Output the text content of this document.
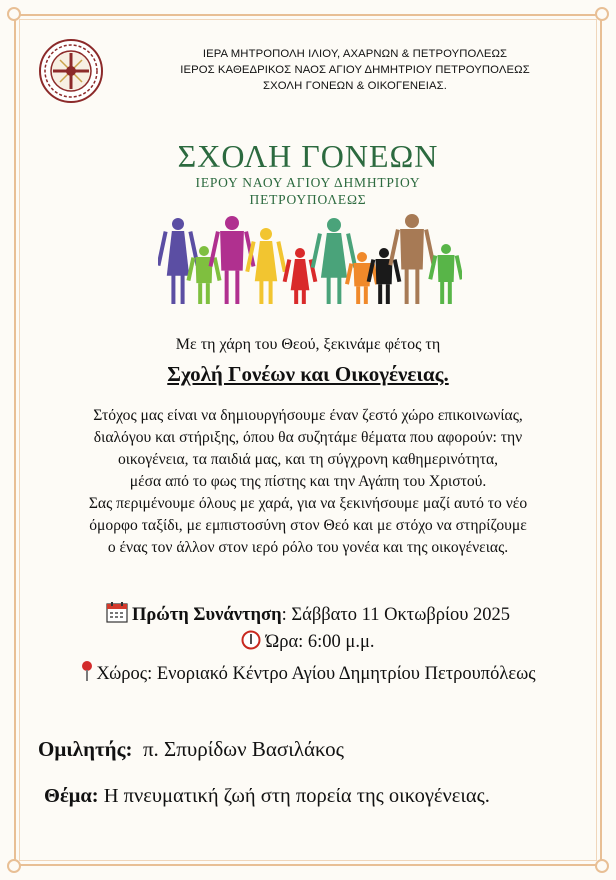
ΙΕΡΑ ΜΗΤΡΟΠΟΛΗ ΙΛΙΟΥ, ΑΧΑΡΝΩΝ & ΠΕΤΡΟΥΠΟΛΕΩΣ
ΙΕΡΟΣ ΚΑΘΕΔΡΙΚΟΣ ΝΑΟΣ ΑΓΙΟΥ ΔΗΜΗΤΡΙΟΥ ΠΕΤΡΟΥΠΟΛΕΩΣ
ΣΧΟΛΗ ΓΟΝΕΩΝ & ΟΙΚΟΓΕΝΕΙΑΣ.
ΣΧΟΛΗ ΓΟΝΕΩΝ
ΙΕΡΟΥ ΝΑΟΥ ΑΓΙΟΥ ΔΗΜΗΤΡΙΟΥ
ΠΕΤΡΟΥΠΟΛΕΩΣ
Με τη χάρη του Θεού, ξεκινάμε φέτος τη
Σχολή Γονέων και Οικογένειας.
Στόχος μας είναι να δημιουργήσουμε έναν ζεστό χώρο επικοινωνίας,
διαλόγου και στήριξης, όπου θα συζητάμε θέματα που αφορούν: την
οικογένεια, τα παιδιά μας, και τη σύγχρονη καθημερινότητα,
μέσα από το φως της πίστης και την Αγάπη του Χριστού.
Σας περιμένουμε όλους με χαρά, για να ξεκινήσουμε μαζί αυτό το νέο
όμορφο ταξίδι, με εμπιστοσύνη στον Θεό και με στόχο να στηρίζουμε
ο ένας τον άλλον στον ιερό ρόλο του γονέα και της οικογένειας.
Πρώτη Συνάντηση: Σάββατο 11 Οκτωβρίου 2025
Ώρα: 6:00 μ.μ.
Χώρος: Ενοριακό Κέντρο Αγίου Δημητρίου Πετρουπόλεως
Ομιλητής: π. Σπυρίδων Βασιλάκος
Θέμα: Η πνευματική ζωή στη πορεία της οικογένειας.
